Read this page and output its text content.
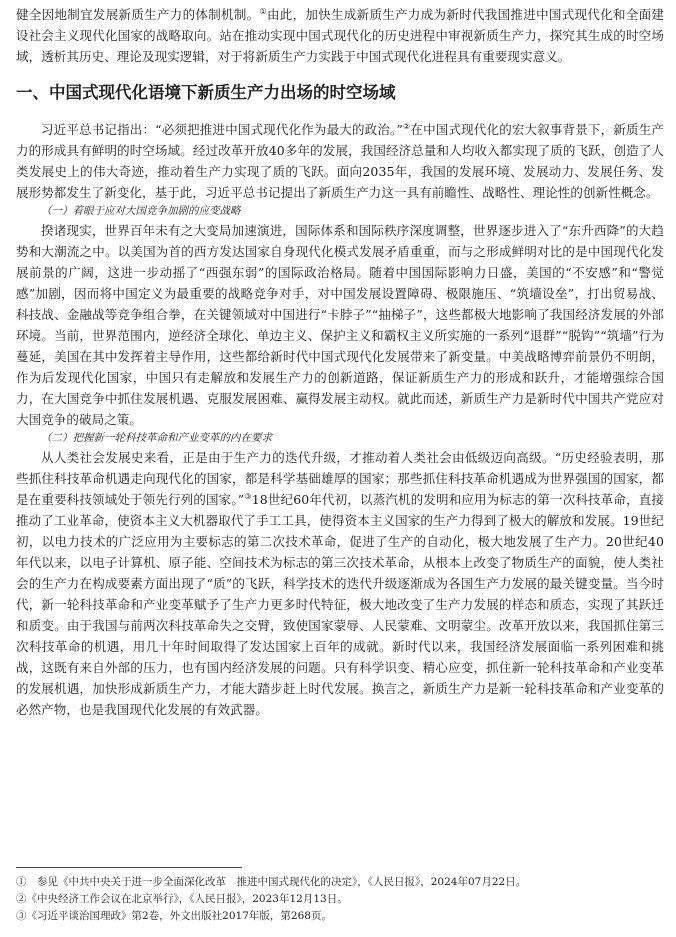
健全因地制宜发展新质生产力的体制机制。①由此，加快生成新质生产力成为新时代我国推进中国式现代化和全面建设社会主义现代化国家的战略取向。站在推动实现中国式现代化的历史进程中审视新质生产力，探究其生成的时空场域，透析其历史、理论及现实逻辑，对于将新质生产力实践于中国式现代化进程具有重要现实意义。

一、中国式现代化语境下新质生产力出场的时空场域

习近平总书记指出：“必须把推进中国式现代化作为最大的政治。”②在中国式现代化的宏大叙事背景下，新质生产力的形成具有鲜明的时空场域。经过改革开放40多年的发展，我国经济总量和人均收入都实现了质的飞跃，创造了人类发展史上的伟大奇迹，推动着生产力实现了质的飞跃。面向2035年，我国的发展环境、发展动力、发展任务、发展形势都发生了新变化，基于此，习近平总书记提出了新质生产力这一具有前瞻性、战略性、理论性的创新性概念。

（一）着眼于应对大国竞争加剧的应变战略

揆诸现实，世界百年未有之大变局加速演进，国际体系和国际秩序深度调整，世界逐步进入了“东升西降”的大趋势和大潮流之中。以美国为首的西方发达国家自身现代化模式发展矛盾重重，而与之形成鲜明对比的是中国现代化发展前景的广阔，这进一步动摇了“西强东弱”的国际政治格局。随着中国国际影响力日盛，美国的“不安感”和“警觉感”加剧，因而将中国定义为最重要的战略竞争对手，对中国发展设置障碍、极限施压、“筑墙设垒”，打出贸易战、科技战、金融战等竞争组合拳，在关键领域对中国进行“卡脖子”“抽梯子”，这些都极大地影响了我国经济发展的外部环境。当前，世界范围内，逆经济全球化、单边主义、保护主义和霸权主义所实施的一系列“退群”“脱钩”“筑墙”行为蔓延，美国在其中发挥着主导作用，这些都给新时代中国式现代化发展带来了新变量。中美战略博弈前景仍不明朗，作为后发现代化国家，中国只有走解放和发展生产力的创新道路，保证新质生产力的形成和跃升，才能增强综合国力，在大国竞争中抓住发展机遇、克服发展困难、赢得发展主动权。就此而述，新质生产力是新时代中国共产党应对大国竞争的破局之策。

（二）把握新一轮科技革命和产业变革的内在要求

从人类社会发展史来看，正是由于生产力的迭代升级，才推动着人类社会由低级迈向高级。“历史经验表明，那些抓住科技革命机遇走向现代化的国家，都是科学基础雄厚的国家；那些抓住科技革命机遇成为世界强国的国家，都是在重要科技领域处于领先行列的国家。”③18世纪60年代初，以蒸汽机的发明和应用为标志的第一次科技革命，直接推动了工业革命，使资本主义大机器取代了手工工具，使得资本主义国家的生产力得到了极大的解放和发展。19世纪初，以电力技术的广泛应用为主要标志的第二次技术革命，促进了生产的自动化，极大地发展了生产力。20世纪40年代以来，以电子计算机、原子能、空间技术为标志的第三次技术革命，从根本上改变了物质生产的面貌，使人类社会的生产力在构成要素方面出现了“质”的飞跃，科学技术的迭代升级逐渐成为各国生产力发展的最关键变量。当今时代，新一轮科技革命和产业变革赋予了生产力更多时代特征，极大地改变了生产力发展的样态和质态，实现了其跃迁和质变。由于我国与前两次科技革命失之交臂，致使国家蒙辱、人民蒙难、文明蒙尘。改革开放以来，我国抓住第三次科技革命的机遇，用几十年时间取得了发达国家上百年的成就。新时代以来，我国经济发展面临一系列困难和挑战，这既有来自外部的压力，也有国内经济发展的问题。只有科学识变、精心应变，抓住新一轮科技革命和产业变革的发展机遇，加快形成新质生产力，才能大踏步赶上时代发展。换言之，新质生产力是新一轮科技革命和产业变革的必然产物，也是我国现代化发展的有效武器。

①　参见《中共中央关于进一步全面深化改革　推进中国式现代化的决定》，《人民日报》，2024年07月22日。
②《中央经济工作会议在北京举行》，《人民日报》，2023年12月13日。
③《习近平谈治国理政》第2卷，外文出版社2017年版，第268页。
